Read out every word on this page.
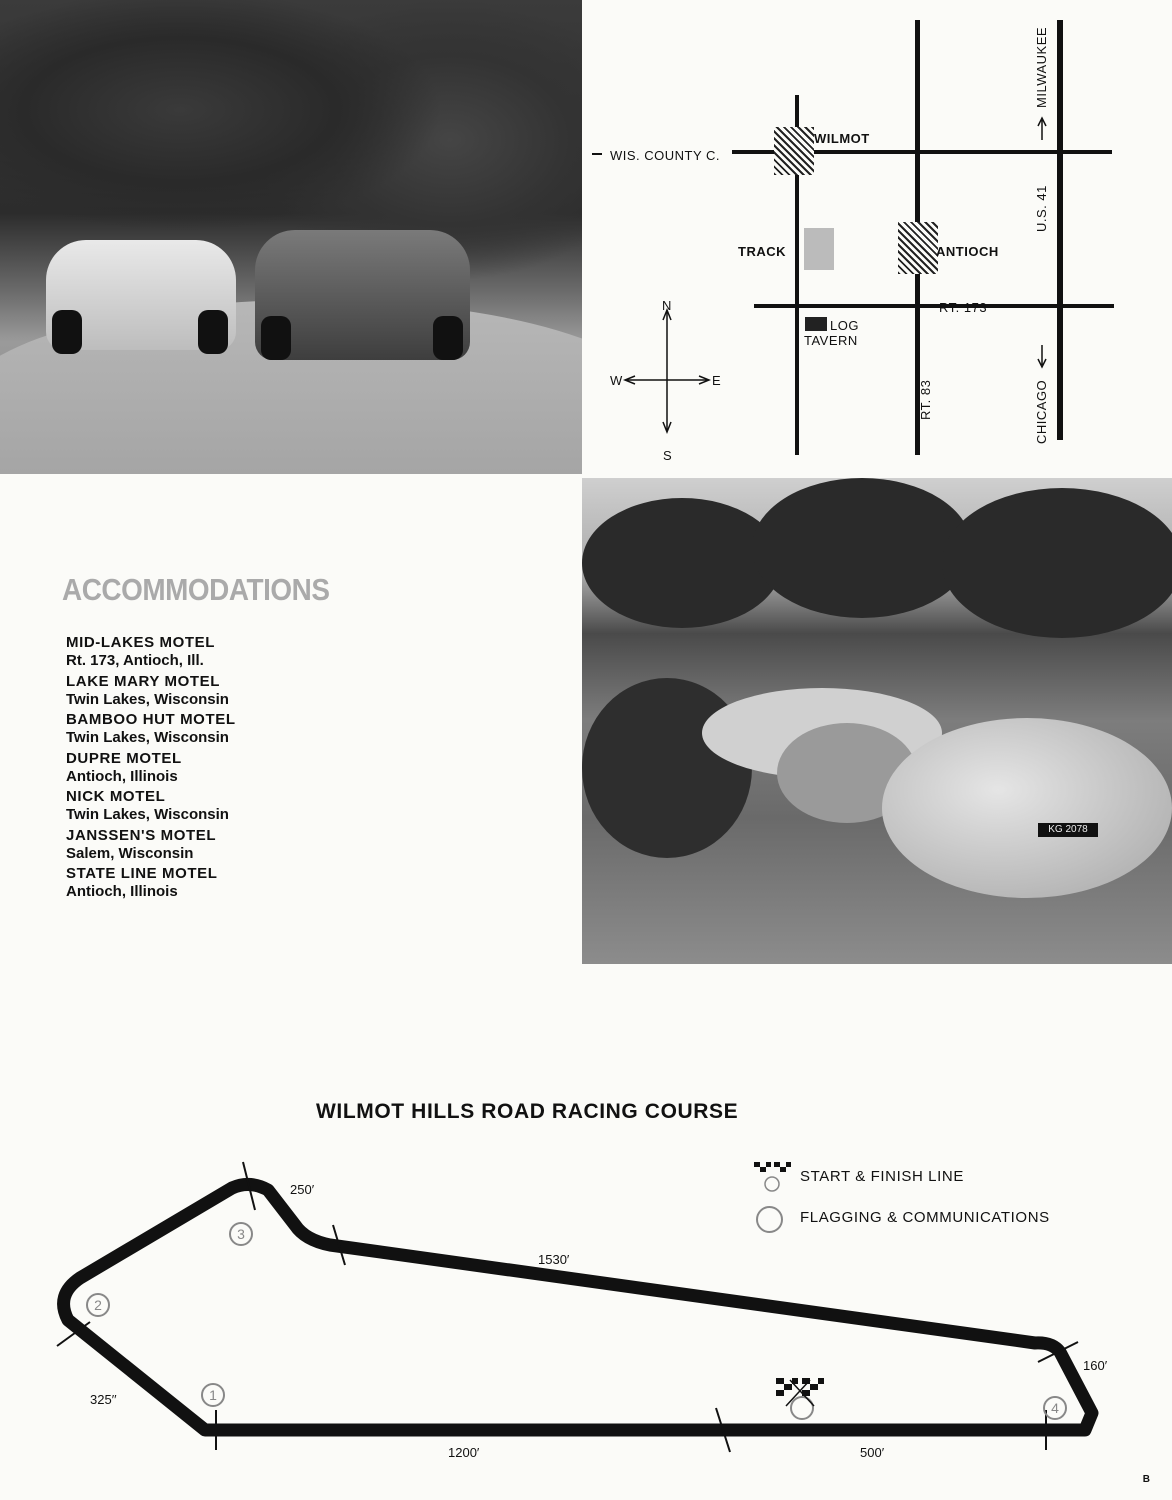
WILMOT
WIS. COUNTY C.
TRACK	ANTIOCH
RT. 173
LOG
TAVERN
RT. 83
U.S. 41
MILWAUKEE
CHICAGO
N
S
E
W
KG 2078
ACCOMMODATIONS
MID-LAKES MOTEL
Rt. 173, Antioch, Ill.
LAKE MARY MOTEL
Twin Lakes, Wisconsin
BAMBOO HUT MOTEL
Twin Lakes, Wisconsin
DUPRE MOTEL
Antioch, Illinois
NICK MOTEL
Twin Lakes, Wisconsin
JANSSEN'S MOTEL
Salem, Wisconsin
STATE LINE MOTEL
Antioch, Illinois
WILMOT HILLS ROAD RACING COURSE
250′
1530′
160′
325′′
1200′	500′
1
2
3
4
START & FINISH LINE
FLAGGING & COMMUNICATIONS
B
